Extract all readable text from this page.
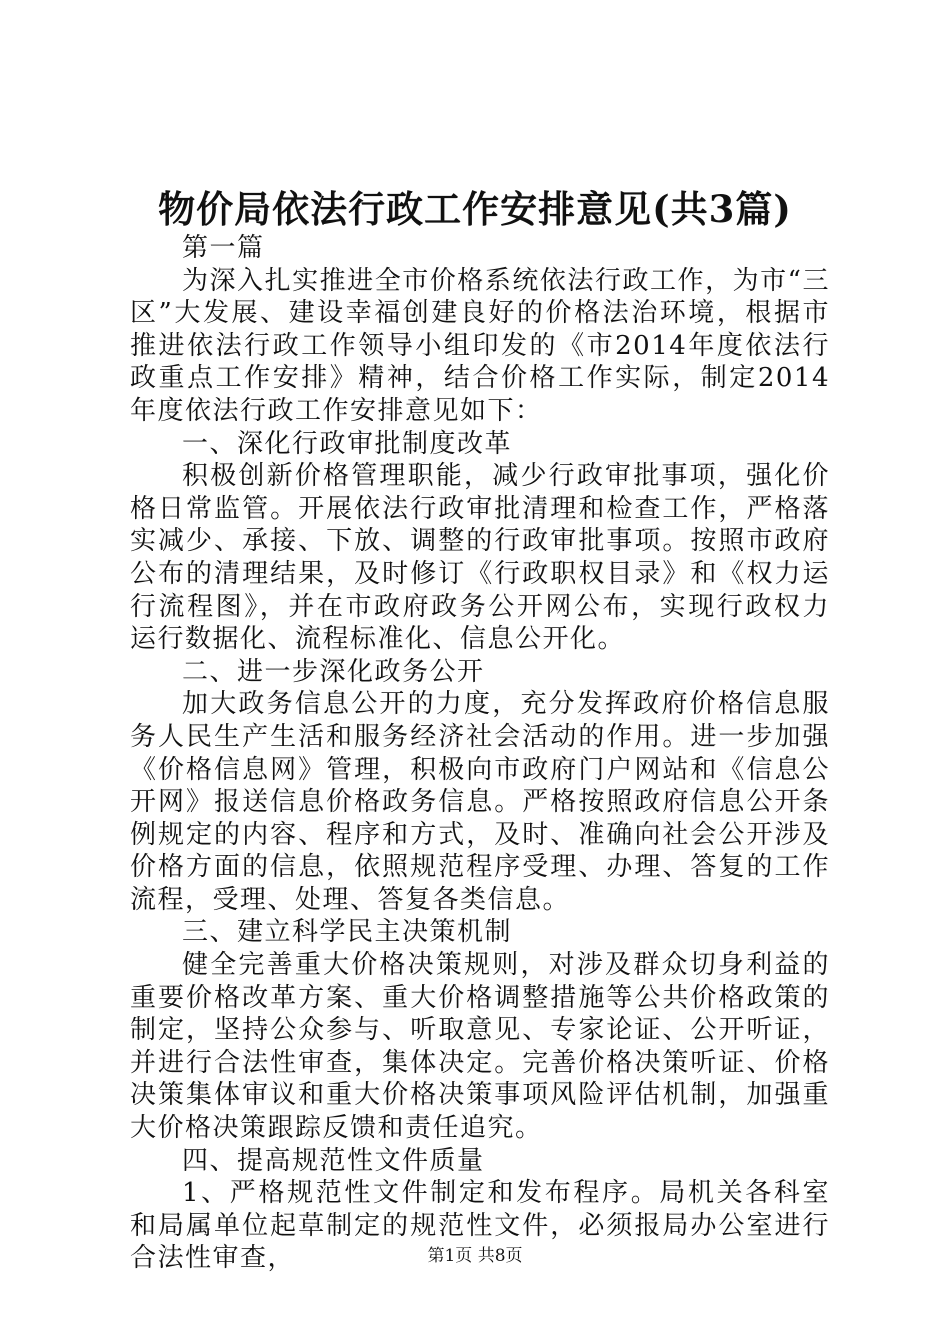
物价局依法行政工作安排意见(共3篇)

第一篇

为深入扎实推进全市价格系统依法行政工作，为市“三区”大发展、建设幸福创建良好的价格法治环境，根据市推进依法行政工作领导小组印发的《市2014年度依法行政重点工作安排》精神，结合价格工作实际，制定2014年度依法行政工作安排意见如下：

一、深化行政审批制度改革

积极创新价格管理职能，减少行政审批事项，强化价格日常监管。开展依法行政审批清理和检查工作，严格落实减少、承接、下放、调整的行政审批事项。按照市政府公布的清理结果，及时修订《行政职权目录》和《权力运行流程图》，并在市政府政务公开网公布，实现行政权力运行数据化、流程标准化、信息公开化。

二、进一步深化政务公开

加大政务信息公开的力度，充分发挥政府价格信息服务人民生产生活和服务经济社会活动的作用。进一步加强《价格信息网》管理，积极向市政府门户网站和《信息公开网》报送信息价格政务信息。严格按照政府信息公开条例规定的内容、程序和方式，及时、准确向社会公开涉及价格方面的信息，依照规范程序受理、办理、答复的工作流程，受理、处理、答复各类信息。

三、建立科学民主决策机制

健全完善重大价格决策规则，对涉及群众切身利益的重要价格改革方案、重大价格调整措施等公共价格政策的制定，坚持公众参与、听取意见、专家论证、公开听证，并进行合法性审查，集体决定。完善价格决策听证、价格决策集体审议和重大价格决策事项风险评估机制，加强重大价格决策跟踪反馈和责任追究。

四、提高规范性文件质量

1、严格规范性文件制定和发布程序。局机关各科室和局属单位起草制定的规范性文件，必须报局办公室进行合法性审查，	第1页 共8页
